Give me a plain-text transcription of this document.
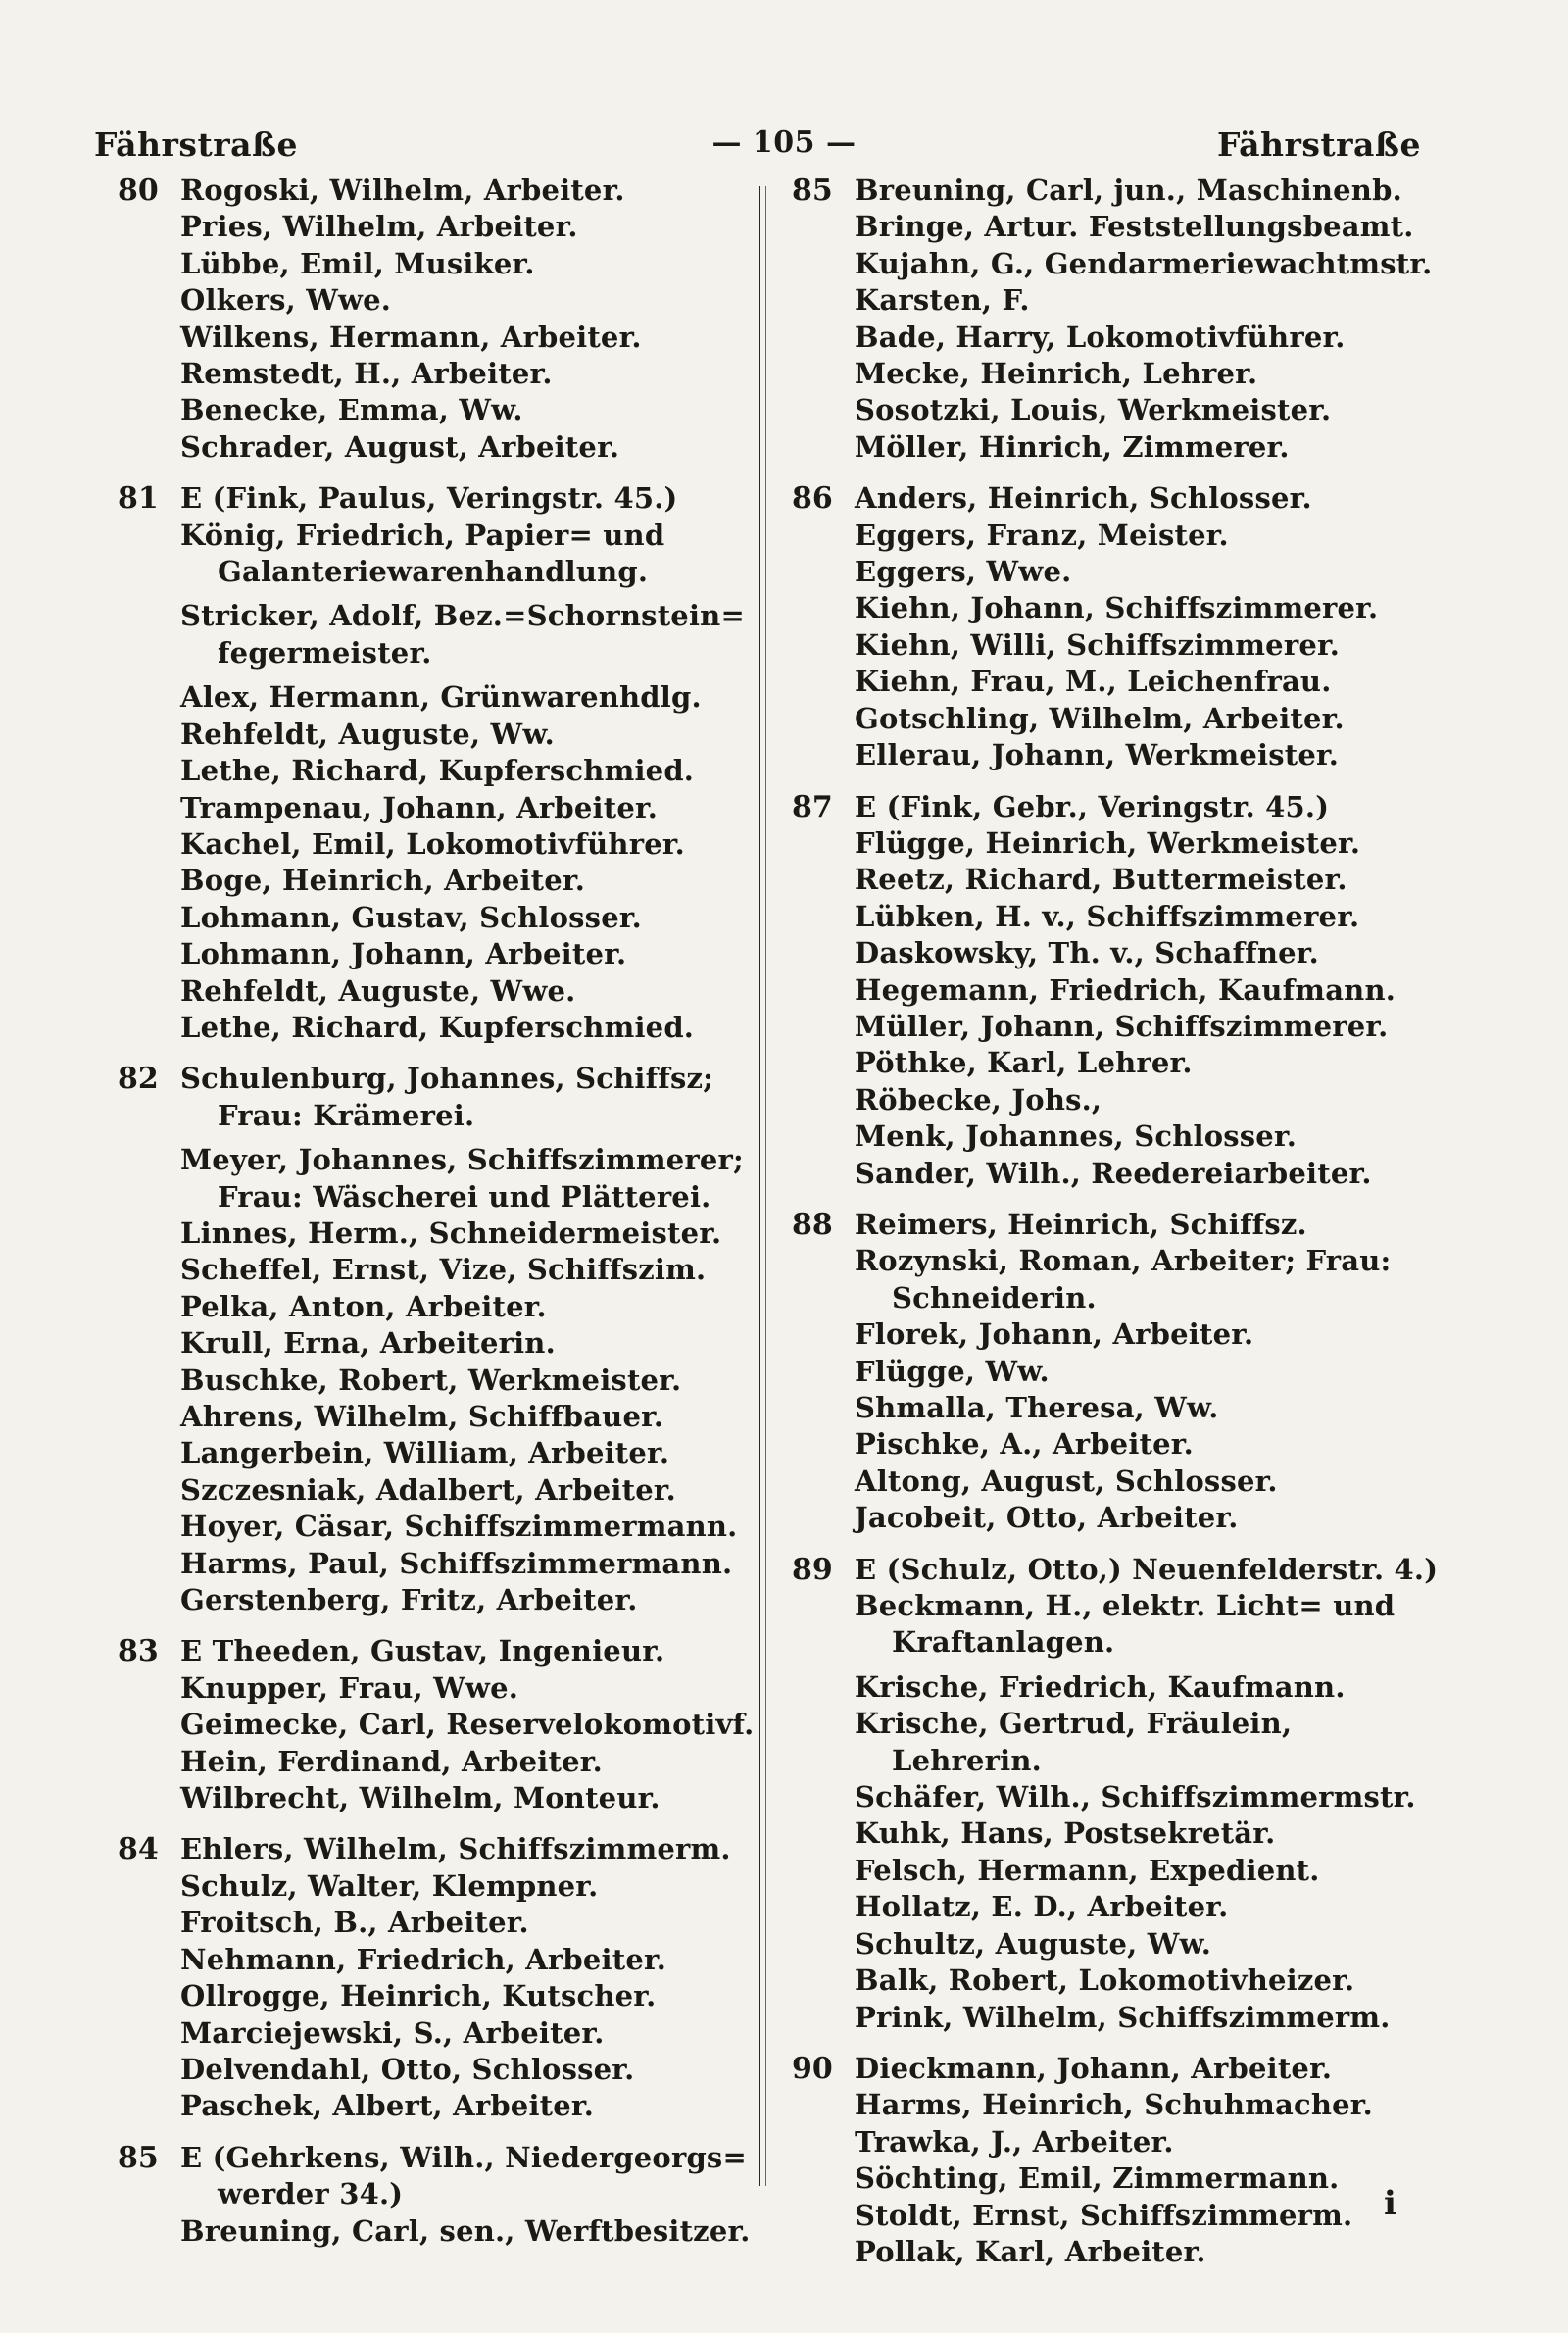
Fährstraße	— 105 —	Fährstraße
80 Rogoski, Wilhelm, Arbeiter.
Pries, Wilhelm, Arbeiter.
Lübbe, Emil, Musiker.
Olkers, Wwe.
Wilkens, Hermann, Arbeiter.
Remstedt, H., Arbeiter.
Benecke, Emma, Ww.
Schrader, August, Arbeiter.
81 E (Fink, Paulus, Veringstr. 45.)
König, Friedrich, Papier= und
Galanteriewarenhandlung.
Stricker, Adolf, Bez.=Schornstein=
fegermeister.
Alex, Hermann, Grünwarenhdlg.
Rehfeldt, Auguste, Ww.
Lethe, Richard, Kupferschmied.
Trampenau, Johann, Arbeiter.
Kachel, Emil, Lokomotivführer.
Boge, Heinrich, Arbeiter.
Lohmann, Gustav, Schlosser.
Lohmann, Johann, Arbeiter.
Rehfeldt, Auguste, Wwe.
Lethe, Richard, Kupferschmied.
82 Schulenburg, Johannes, Schiffsz;
Frau: Krämerei.
Meyer, Johannes, Schiffszimmerer;
Frau: Wäscherei und Plätterei.
Linnes, Herm., Schneidermeister.
Scheffel, Ernst, Vize, Schiffszim.
Pelka, Anton, Arbeiter.
Krull, Erna, Arbeiterin.
Buschke, Robert, Werkmeister.
Ahrens, Wilhelm, Schiffbauer.
Langerbein, William, Arbeiter.
Szczesniak, Adalbert, Arbeiter.
Hoyer, Cäsar, Schiffszimmermann.
Harms, Paul, Schiffszimmermann.
Gerstenberg, Fritz, Arbeiter.
83 E Theeden, Gustav, Ingenieur.
Knupper, Frau, Wwe.
Geimecke, Carl, Reservelokomotivf.
Hein, Ferdinand, Arbeiter.
Wilbrecht, Wilhelm, Monteur.
84 Ehlers, Wilhelm, Schiffszimmerm.
Schulz, Walter, Klempner.
Froitsch, B., Arbeiter.
Nehmann, Friedrich, Arbeiter.
Ollrogge, Heinrich, Kutscher.
Marciejewski, S., Arbeiter.
Delvendahl, Otto, Schlosser.
Paschek, Albert, Arbeiter.
85 E (Gehrkens, Wilh., Niedergeorgs=
werder 34.)
Breuning, Carl, sen., Werftbesitzer.
85 Breuning, Carl, jun., Maschinenb.
Bringe, Artur. Feststellungsbeamt.
Kujahn, G., Gendarmeriewachtmstr.
Karsten, F.
Bade, Harry, Lokomotivführer.
Mecke, Heinrich, Lehrer.
Sosotzki, Louis, Werkmeister.
Möller, Hinrich, Zimmerer.
86 Anders, Heinrich, Schlosser.
Eggers, Franz, Meister.
Eggers, Wwe.
Kiehn, Johann, Schiffszimmerer.
Kiehn, Willi, Schiffszimmerer.
Kiehn, Frau, M., Leichenfrau.
Gotschling, Wilhelm, Arbeiter.
Ellerau, Johann, Werkmeister.
87 E (Fink, Gebr., Veringstr. 45.)
Flügge, Heinrich, Werkmeister.
Reetz, Richard, Buttermeister.
Lübken, H. v., Schiffszimmerer.
Daskowsky, Th. v., Schaffner.
Hegemann, Friedrich, Kaufmann.
Müller, Johann, Schiffszimmerer.
Pöthke, Karl, Lehrer.
Röbecke, Johs.,
Menk, Johannes, Schlosser.
Sander, Wilh., Reedereiarbeiter.
88 Reimers, Heinrich, Schiffsz.
Rozynski, Roman, Arbeiter; Frau:
Schneiderin.
Florek, Johann, Arbeiter.
Flügge, Ww.
Shmalla, Theresa, Ww.
Pischke, A., Arbeiter.
Altong, August, Schlosser.
Jacobeit, Otto, Arbeiter.
89 E (Schulz, Otto,) Neuenfelderstr. 4.)
Beckmann, H., elektr. Licht= und
Kraftanlagen.
Krische, Friedrich, Kaufmann.
Krische, Gertrud, Fräulein,
Lehrerin.
Schäfer, Wilh., Schiffszimmermstr.
Kuhk, Hans, Postsekretär.
Felsch, Hermann, Expedient.
Hollatz, E. D., Arbeiter.
Schultz, Auguste, Ww.
Balk, Robert, Lokomotivheizer.
Prink, Wilhelm, Schiffszimmerm.
90 Dieckmann, Johann, Arbeiter.
Harms, Heinrich, Schuhmacher.
Trawka, J., Arbeiter.
Söchting, Emil, Zimmermann.
Stoldt, Ernst, Schiffszimmerm.
Pollak, Karl, Arbeiter.
i
